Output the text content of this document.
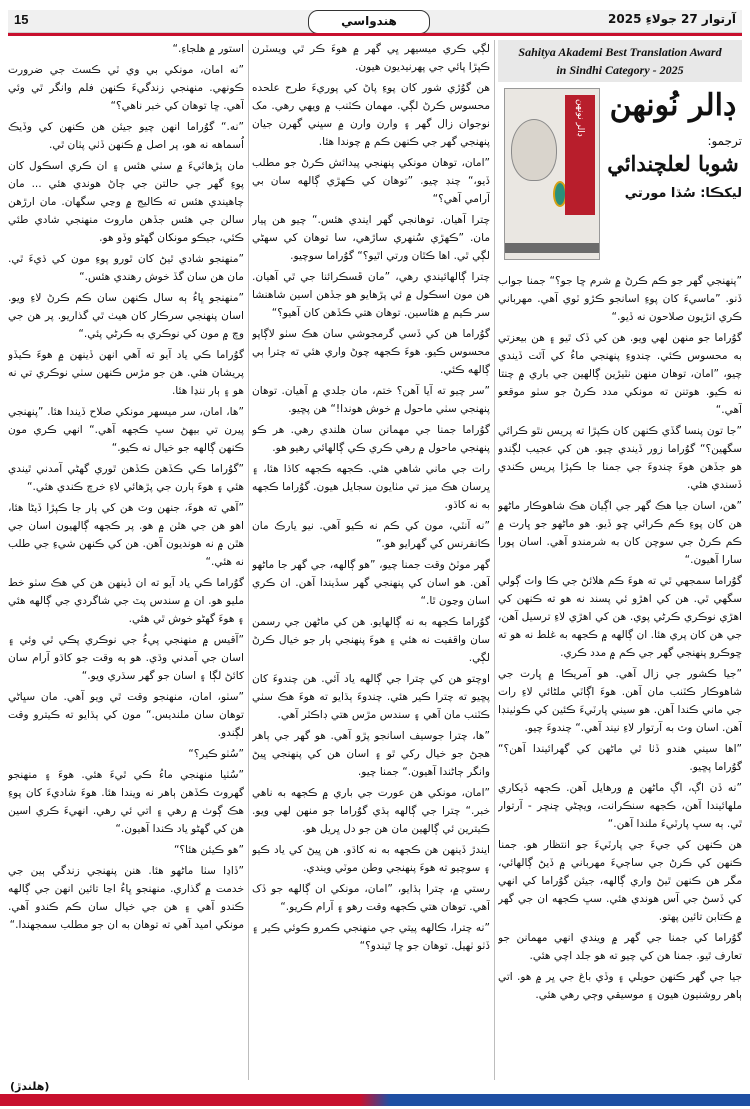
15	هندواسي	آرتوار 27 جولاءِ 2025
Sahitya Akademi Best Translation Award
in Sindhi Category - 2025
ڊالر نونهن ڊالر نُونهن
ترجمو:
شوبا لعلچندائي
ليکڪا: سُڌا مورتي

”پنهنجي گهر جو ڪم ڪرڻ ۾ شرم ڇا جو؟“ جمنا جواب ڏنو. ”ماسيءَ کان پوءِ اسانجو ڪڙو ٽوي آهي. مهرباني ڪري انڙيون صلاحون نه ڏيو.“

گوُراما جو منهن لهي ويو. هن کي ڏک ٿيو ۽ هن بيعزتي به محسوس ڪئي. چندوءِ پنهنجي ماءُ کي آٿت ڏيندي چيو، ”امان، توهان منهن نٽيڙين ڳالهين جي باري ۾ چنتا نه ڪيو. هوتنن ته مونکي مدد ڪرڻ جو سٺو موقعو آهي.“

”جا تون پنسا گڏي ڪنهن کان ڪپڙا ته پريس نٿو ڪرائي سگهين؟“ گوُراما زور ڏيندي چيو. هن کي عجيب لڳندو هو جڏهن هوءَ چندوءَ جي جمنا جا ڪپڙا پريس ڪندي ڏسندي هئي.

”هن، اسان جيا هڪ گهر جي اڳيان هڪ شاهوڪار ماڻهو هن کان پوءِ ڪم ڪرائي ڇو ڏيو. هو ماڻهو جو ڀارت ۾ ڪم ڪرڻ جي سوچن کان به شرمندو آهي. اسان پورا سارا آهيون.“

گوُراما سمجهي ٿي ته هوءَ ڪم هلائڻ جي ڪا واٽ ڳولي سگهي ٿي. هن کي اهڙو ئي پسند نه هو ته ڪنهن کي اهڙي نوڪري ڪرڻي پوي. هن کي اهڙي لاءِ ترسيل آهن، جي هن کان پري هئا. ان ڳالهه ۾ ڪجهه به غلط نه هو ته ڇوڪرو پنهنجي گهر جي ڪم ۾ مدد ڪري.

”جيا ڪشور جي زال آهي. هو آمريڪا ۾ ڀارت جي شاهوڪار ڪٽنب مان آهن. هوءَ اڳاٽي ملڻائي لاءِ رات جي ماني ڪندا آهن. هو سيني پارٽيءَ ڪئين کي ڪوٺينڊا آهن. اسان وٽ به آرتوار لاءِ نيند آهي.“ چندوءَ چيو.

”اها سيني هندو ڏٺا ٿي ماڻهن کي گهرائيندا آهن؟“ گوُراما پڇيو.

”نه ڏن اڳ، اڳ ماڻهن ۾ ورهايل آهن. ڪجهه ڏيکاري ملهائيندا آهن، ڪجهه سنڪرانت، ويچڻي ڇنڇر - آرتوار ٿي. ٻه سڀ پارٽيءَ ملندا آهن.“

هن ڪنهن کي جيءَ جي پارٽيءَ جو انتظار هو. جمنا ڪنهن کي ڪرڻ جي ساڄيءَ مهرباني ۾ ڏيڻ ڳالهائي، مگر هن ڪنهن ٿيڻ واري ڳالهه، جيئن گوُراما کي انهي کي ڏسڻ جي آس هوندي هئي. سڀ ڪجهه ان جي گهر ۾ ڪتابن تائين پهتو.

گوُراما کي جمنا جي گهر ۾ ويندي انهي مهمانن جو تعارف ٿيو. جمنا هن کي چيو ته هو جلد اچي هئي.

جيا جي گهر ڪنهن حويلي ۽ وڏي باغ جي ڀر ۾ هو. اتي ٻاهر روشنيون هيون ۽ موسيقي وڄي رهي هئي.

لڳي ڪري ميسيهر ڀي گهر ۾ هوءَ ڪر ٿي ويسٽرن ڪپڙا پائي جي پهرنيديون هيون.

هن گوُڙي شور کان پوءِ پاڻ کي پوريءَ طرح علحده محسوس ڪرڻ لڳي. مهمان ڪٽنب ۾ ويهي رهي. مک نوجوان زال گهر ۽ وارن وارن ۾ سڀني گهرن جيان پنهنجي گهر جي ڪنهن ڪم ۾ چوندا هئا.

”امان، توهان مونکي پنهنجي پيدائش ڪرڻ جو مطلب ڏيو،“ چنڊ چيو. ”توهان کي ڪهڙي ڳالهه سان بي آرامي آهي؟“

چترا آهيان. توهانجي گهر ايندي هئس.“ چيو هن پيار مان. ”ڪهڙي سُنهري ساڙهي، سا توهان کي سهڻي لڳي ٿي. اها ڪٿان ورتي اٿيو؟“ گوُراما سوچيو.

چترا ڳالهائيندي رهي، ”مان ڦسڪرائنا جي ٿي آهيان. هن مون اسڪول ۾ ئي پڙهايو هو جڏهن اسين شاهنشا سر ڪيم ۾ هئاسين. توهان هتي ڪڏهن کان آهيو؟“

گوُراما هن کي ڏسي گرمجوشي سان هڪ سٺو لاڳاپو محسوس ڪيو. هوءَ ڪجهه چوڻ واري هئي ته چترا ٻي ڳالهه ڪئي.

”سر چيو ته آيا آهن؟ ختم، مان جلدي ۾ آهيان. توهان پنهنجي سٺي ماحول ۾ خوش هوندا!“ هن پڇيو.

گوُراما جمنا جي مهمانن سان هلندي رهي. هر ڪو پنهنجي ماحول ۾ رهي ڪري ڪي ڳالهائي رهيو هو.

رات جي ماني شاهي هئي. ڪجهه ڪجهه کاڌا هئا، ۽ ڀرسان هڪ ميز تي مٺايون سجايل هيون. گوُراما ڪجهه به نه کاڌو.

”نه آنٽي، مون کي ڪم نه ڪيو آهي. نيو يارڪ مان ڪانفرنس کي گهرايو هو.“

گهر موٽڻ وقت جمنا چيو، ”هو ڳالهه، جي گهر جا ماڻهو آهن. هو اسان کي پنهنجي گهر سڏيندا آهن. ان ڪري اسان وڃون ٿا.“

گوُراما ڪجهه به نه ڳالهايو. هن کي ماڻهن جي رسمن سان واقفيت نه هئي ۽ هوءَ پنهنجي ٻار جو خيال ڪرڻ لڳي.

اوچتو هن کي چترا جي ڳالهه ياد آئي. هن چندوءَ کان پڇيو ته چترا ڪير هئي. چندوءَ ٻڌايو ته هوءَ هڪ سٺي ڪٽنب مان آهي ۽ سندس مڙس هتي ڊاڪٽر آهي.

”ها، چترا جوسيف اسانجو پڙو آهي. هو گهر جي ٻاهر هجڻ جو خيال رکي ٿو ۽ اسان هن کي پنهنجي ڀيڻ وانگر ڄاڻندا آهيون.“ جمنا چيو.

”امان، مونکي هن عورت جي باري ۾ ڪجهه به ناهي خبر.“ چترا جي ڳالهه ٻڌي گوُراما جو منهن لهي ويو. ڪيترين ئي ڳالهين مان هن جو دل ڀريل هو.

ايندڙ ڏينهن هن ڪجهه به نه کاڌو. هن ڀيڻ کي ياد ڪيو ۽ سوچيو ته هوءَ پنهنجي وطن موٽي ويندي.

رستي ۾، چترا ٻڌايو، ”امان، مونکي ان ڳالهه جو ڏک آهي. توهان هتي ڪجهه وقت رهو ۽ آرام ڪريو.“

”نه چترا، ڪالهه پيتي جي منهنجي ڪمرو ڪوئي ڪير ۽ ڏٺو ٺهيل. توهان جو ڇا ٿيندو؟“

استور ۾ هلجاءِ.“

”نه امان، مونکي بي وي ٽي ڪسٽ جي ضرورت ڪونهي. منهنجي زندگيءَ ڪنهن فلم وانگر ٿي وئي آهي. ڇا توهان کي خبر ناهي؟“

”نه.“ گوُراما انهن چيو جيئن هن ڪنهن کي وڏيڪ اُسماهه نه هو، پر اصل ۾ ڪنهن ڏٺي پٺان ٿي.

مان پڙهائيءَ ۾ سٺي هئس ۽ ان ڪري اسڪول کان پوءِ گهر جي حالتن جي ڄاڻ هوندي هئي ... مان چاهيندي هئس ته ڪاليج ۾ وڃي سگهان. مان ارڙهن سالن جي هئس جڏهن ماروٽ منهنجي شادي طئي ڪئي، جيڪو مونکان گهڻو وڏو هو.

”منهنجو شادي ٿيڻ کان ٿورو پوءِ مون کي ڌيءَ ٿي. مان هن سان گڏ خوش رهندي هئس.“

”منهنجو ڀاءُ ٻه سال ڪنهن سان ڪم ڪرڻ لاءِ ويو. اسان پنهنجي سرڪار کان هيٺ ٿي گذاريو. پر هن جي وچ ۾ مون کي نوڪري به ڪرڻي پئي.“

گوُراما ڪي ياد آيو ته آهي انهن ڏينهن ۾ هوءَ ڪيڏو پريشان هئي. هن جو مڙس ڪنهن سٺي نوڪري تي نه هو ۽ ٻار ننڍا هئا.

”ها، امان، سر ميسهر مونکي صلاح ڏيندا هئا. ”پنهنجي پيرن تي بيهڻ سڀ ڪجهه آهي.“ انهي ڪري مون ڪنهن ڳالهه جو خيال نه ڪيو.“

”گوُراما ڪي ڪڏهن ڪڏهن ٿوري گهڻي آمدني ٿيندي هئي ۽ هوءَ ٻارن جي پڙهائي لاءِ خرچ ڪندي هئي.“

”آهي ته هوءَ، جنهن وٽ هن کي ٻار جا ڪپڙا ڏيڻا هئا، اهو هن جي هٿن ۾ هو. پر ڪجهه ڳالهيون اسان جي هٿن ۾ نه هونديون آهن. هن کي ڪنهن شيءِ جي طلب نه هئي.“

گوُراما ڪي ياد آيو ته ان ڏينهن هن کي هڪ سٺو خط مليو هو. ان ۾ سندس پٽ جي شاگردي جي ڳالهه هئي ۽ هوءَ گهڻو خوش ٿي هئي.

”آقيس ۾ منهنجي پيءُ جي نوڪري پڪي ٿي وئي ۽ اسان جي آمدني وڌي. هو ٻه وقت جو کاڌو آرام سان کائڻ لڳا ۽ اسان جو گهر سڌري ويو.“

”سٺو، امان، منهنجو وقت ٿي ويو آهي. مان سڀاڻي توهان سان ملنديس.“ مون کي ٻڌايو ته ڪيترو وقت لڳندو.

”سُٺو ڪير؟“

”سُٺيا منهنجي ماءُ ڪي ٿيءَ هئي. هوءَ ۽ منهنجو گهروٽ ڪڏهن ٻاهر نه ويندا هئا. هوءَ شاديءَ کان پوءِ هڪ ڳوٺ ۾ رهي ۽ اتي ئي رهي. انهيءَ ڪري اسين هن کي گهڻو ياد ڪندا آهيون.“

”هو ڪيئن هئا؟“

”ڏاڍا سٺا ماڻهو هئا. هنن پنهنجي زندگي ٻين جي خدمت ۾ گذاري. منهنجو ڀاءُ اڃا تائين انهن جي ڳالهه ڪندو آهي ۽ هن جي خيال سان ڪم ڪندو آهي. مونکي اميد آهي ته توهان به ان جو مطلب سمجهندا.“

(هلندڙ)
